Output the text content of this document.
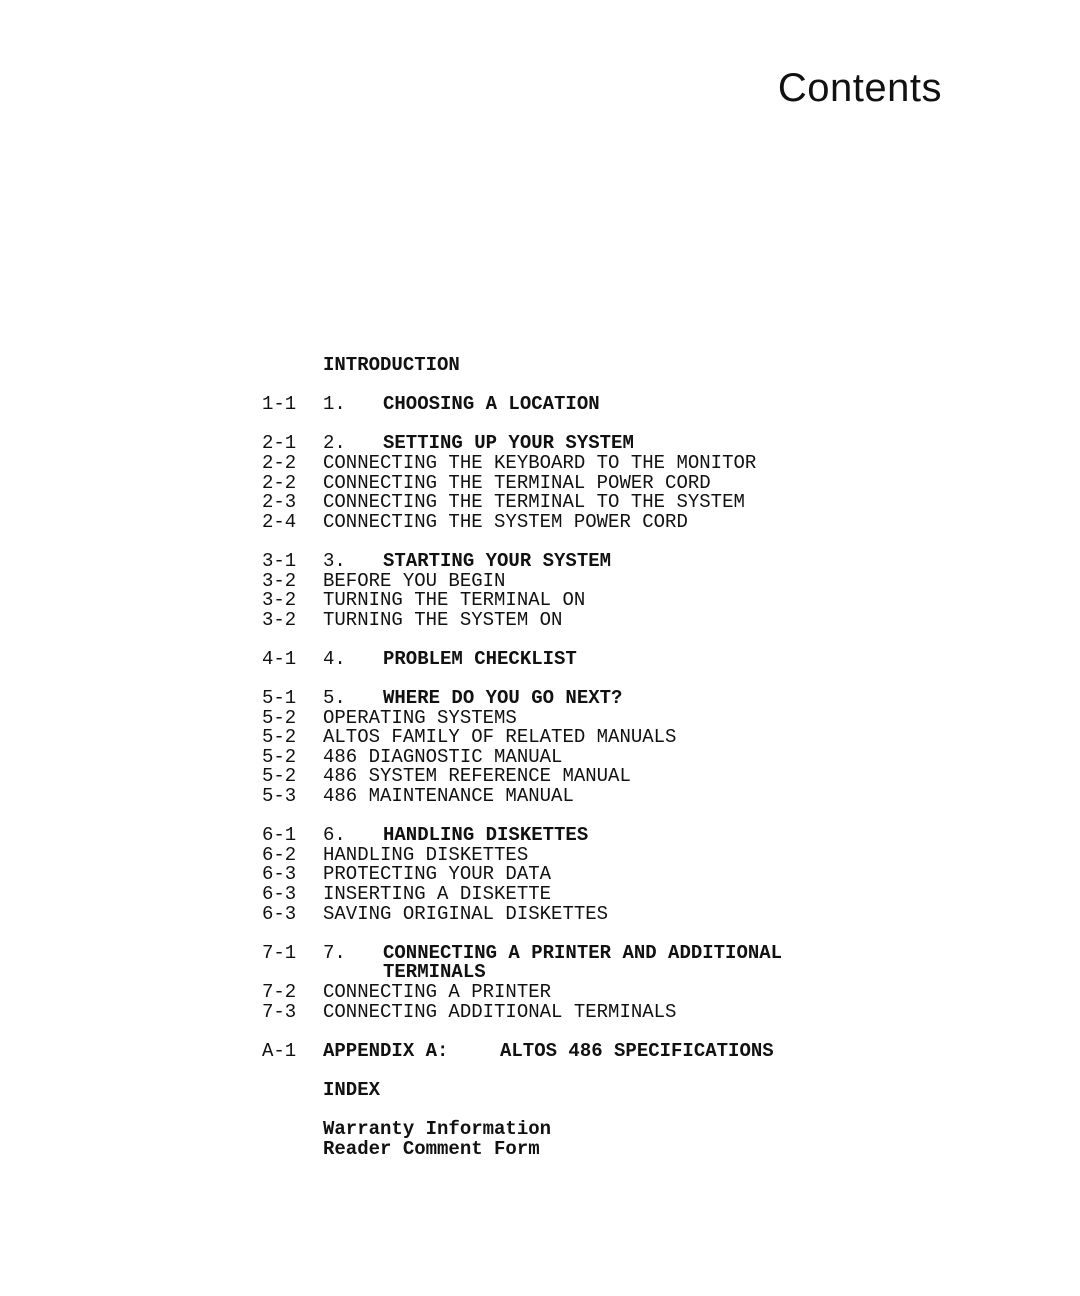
Contents
INTRODUCTION
1-1	1.	CHOOSING A LOCATION
2-1	2.	SETTING UP YOUR SYSTEM
2-2	CONNECTING THE KEYBOARD TO THE MONITOR
2-2	CONNECTING THE TERMINAL POWER CORD
2-3	CONNECTING THE TERMINAL TO THE SYSTEM
2-4	CONNECTING THE SYSTEM POWER CORD
3-1	3.	STARTING YOUR SYSTEM
3-2	BEFORE YOU BEGIN
3-2	TURNING THE TERMINAL ON
3-2	TURNING THE SYSTEM ON
4-1	4.	PROBLEM CHECKLIST
5-1	5.	WHERE DO YOU GO NEXT?
5-2	OPERATING SYSTEMS
5-2	ALTOS FAMILY OF RELATED MANUALS
5-2	486 DIAGNOSTIC MANUAL
5-2	486 SYSTEM REFERENCE MANUAL
5-3	486 MAINTENANCE MANUAL
6-1	6.	HANDLING DISKETTES
6-2	HANDLING DISKETTES
6-3	PROTECTING YOUR DATA
6-3	INSERTING A DISKETTE
6-3	SAVING ORIGINAL DISKETTES
7-1	7.	CONNECTING A PRINTER AND ADDITIONAL
TERMINALS
7-2	CONNECTING A PRINTER
7-3	CONNECTING ADDITIONAL TERMINALS
A-1	APPENDIX A:	ALTOS 486 SPECIFICATIONS
INDEX
Warranty Information
Reader Comment Form
